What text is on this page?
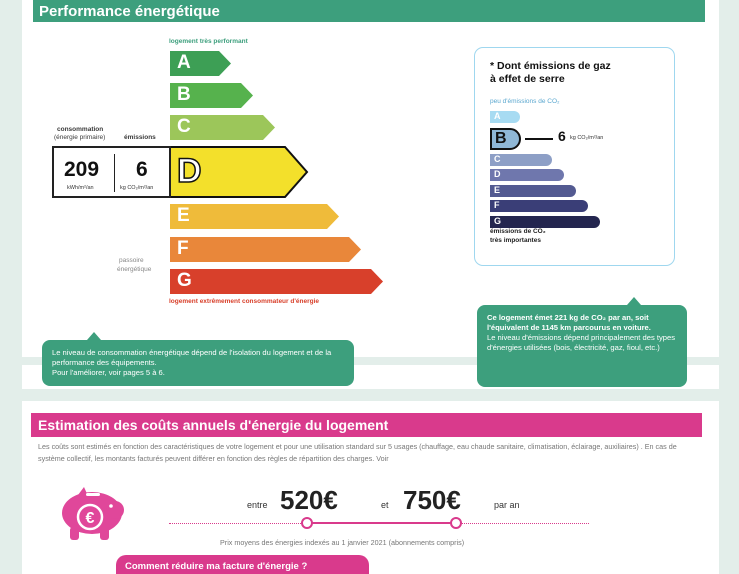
Performance énergétique
logement très performant
A
B
C
D
E
F
G
logement extrêmement consommateur d'énergie
consommation
(énergie primaire)	émissions
209
kWh/m²/an
6
kg CO₂/m²/an
passoire
énergétique
Le niveau de consommation énergétique dépend de l'isolation du logement et de la performance des équipements.
Pour l'améliorer, voir pages 5 à 6.
* Dont émissions de gaz
à effet de serre
peu d'émissions de CO₂
A
B
C
D
E
F
G
6 kg CO₂/m²/an
émissions de CO₂
très importantes
Ce logement émet 221 kg de CO₂ par an, soit l'équivalent de 1145 km parcourus en voiture.
Le niveau d'émissions dépend principalement des types d'énergies utilisées (bois, électricité, gaz, fioul, etc.)
Estimation des coûts annuels d'énergie du logement
Les coûts sont estimés en fonction des caractéristiques de votre logement et pour une utilisation standard sur 5 usages (chauffage, eau chaude sanitaire, climatisation, éclairage, auxiliaires) . En cas de système collectif, les montants facturés peuvent différer en fonction des règles de répartition des charges. Voir
€
entre 520€	et 750€	par an
Prix moyens des énergies indexés au 1 janvier 2021 (abonnements compris)
Comment réduire ma facture d'énergie ?
